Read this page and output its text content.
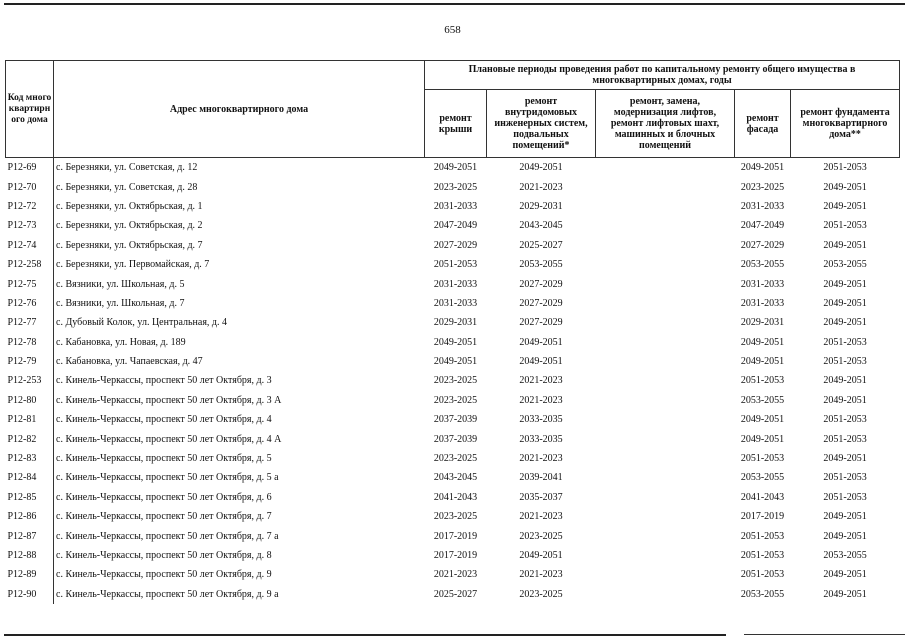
658
Код многоквартирного дома	Адрес многоквартирного дома	Плановые периоды проведения работ по капитальному ремонту общего имущества в многоквартирных домах, годы				
		ремонт крыши	ремонт внутридомовых инженерных систем, подвальных помещений*	ремонт, замена, модернизация лифтов, ремонт лифтовых шахт, машинных и блочных помещений	ремонт фасада	ремонт фундамента многоквартирного дома**
P12-69	с. Березняки, ул. Советская, д. 12	2049-2051	2049-2051		2049-2051	2051-2053
P12-70	с. Березняки, ул. Советская, д. 28	2023-2025	2021-2023		2023-2025	2049-2051
P12-72	с. Березняки, ул. Октябрьская, д. 1	2031-2033	2029-2031		2031-2033	2049-2051
P12-73	с. Березняки, ул. Октябрьская, д. 2	2047-2049	2043-2045		2047-2049	2051-2053
P12-74	с. Березняки, ул. Октябрьская, д. 7	2027-2029	2025-2027		2027-2029	2049-2051
P12-258	с. Березняки, ул. Первомайская, д. 7	2051-2053	2053-2055		2053-2055	2053-2055
P12-75	с. Вязники, ул. Школьная, д. 5	2031-2033	2027-2029		2031-2033	2049-2051
P12-76	с. Вязники, ул. Школьная, д. 7	2031-2033	2027-2029		2031-2033	2049-2051
P12-77	с. Дубовый Колок, ул. Центральная, д. 4	2029-2031	2027-2029		2029-2031	2049-2051
P12-78	с. Кабановка, ул. Новая, д. 189	2049-2051	2049-2051		2049-2051	2051-2053
P12-79	с. Кабановка, ул. Чапаевская, д. 47	2049-2051	2049-2051		2049-2051	2051-2053
P12-253	с. Кинель-Черкассы, проспект 50 лет Октября, д. 3	2023-2025	2021-2023		2051-2053	2049-2051
P12-80	с. Кинель-Черкассы, проспект 50 лет Октября, д. 3 А	2023-2025	2021-2023		2053-2055	2049-2051
P12-81	с. Кинель-Черкассы, проспект 50 лет Октября, д. 4	2037-2039	2033-2035		2049-2051	2051-2053
P12-82	с. Кинель-Черкассы, проспект 50 лет Октября, д. 4 А	2037-2039	2033-2035		2049-2051	2051-2053
P12-83	с. Кинель-Черкассы, проспект 50 лет Октября, д. 5	2023-2025	2021-2023		2051-2053	2049-2051
P12-84	с. Кинель-Черкассы, проспект 50 лет Октября, д. 5 а	2043-2045	2039-2041		2053-2055	2051-2053
P12-85	с. Кинель-Черкассы, проспект 50 лет Октября, д. 6	2041-2043	2035-2037		2041-2043	2051-2053
P12-86	с. Кинель-Черкассы, проспект 50 лет Октября, д. 7	2023-2025	2021-2023		2017-2019	2049-2051
P12-87	с. Кинель-Черкассы, проспект 50 лет Октября, д. 7 а	2017-2019	2023-2025		2051-2053	2049-2051
P12-88	с. Кинель-Черкассы, проспект 50 лет Октября, д. 8	2017-2019	2049-2051		2051-2053	2053-2055
P12-89	с. Кинель-Черкассы, проспект 50 лет Октября, д. 9	2021-2023	2021-2023		2051-2053	2049-2051
P12-90	с. Кинель-Черкассы, проспект 50 лет Октября, д. 9 а	2025-2027	2023-2025		2053-2055	2049-2051
